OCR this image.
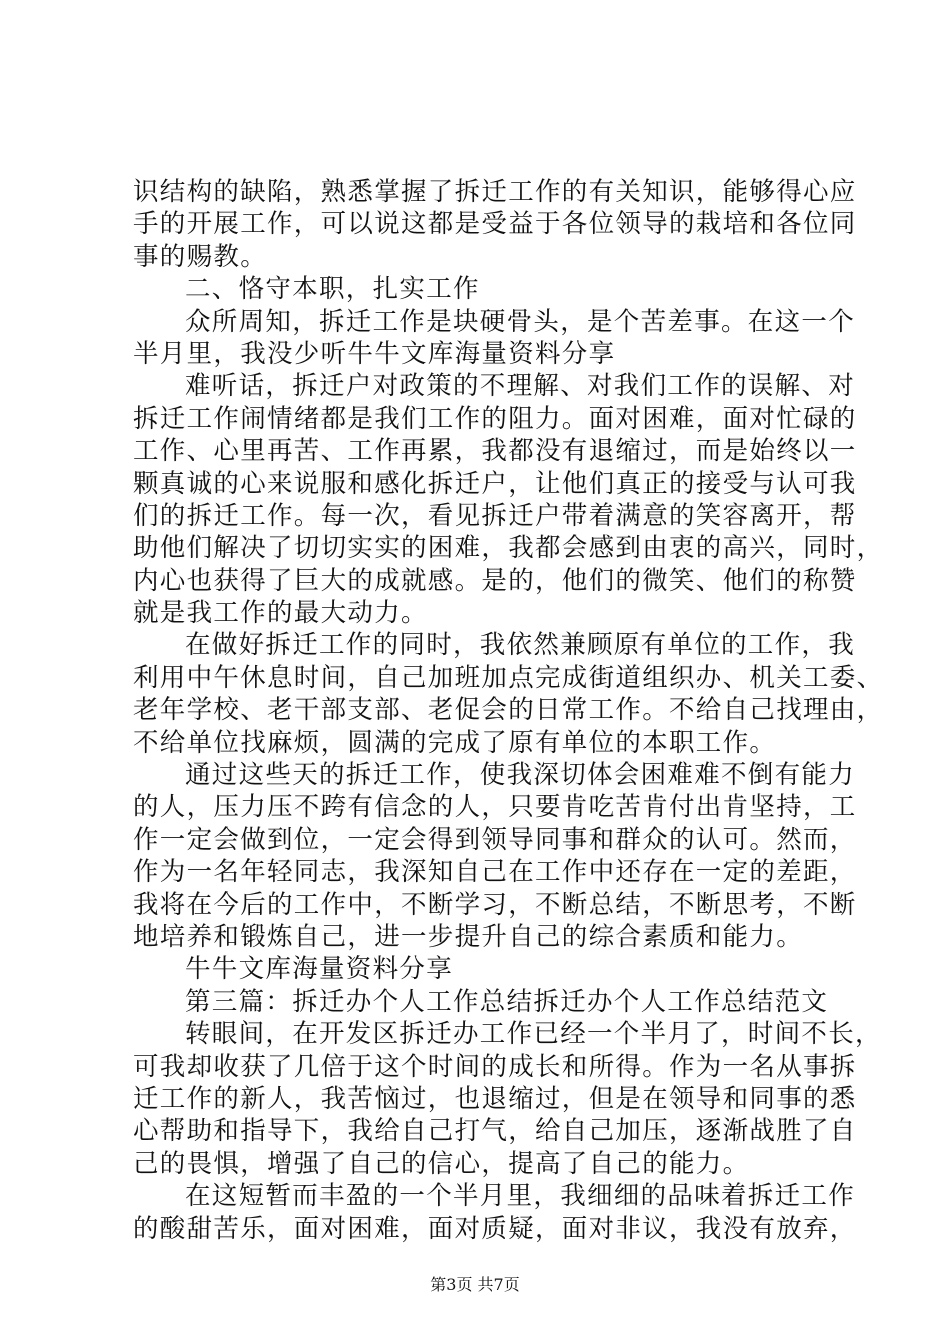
识结构的缺陷，熟悉掌握了拆迁工作的有关知识，能够得心应
手的开展工作，可以说这都是受益于各位领导的栽培和各位同
事的赐教。
二、恪守本职，扎实工作
众所周知，拆迁工作是块硬骨头，是个苦差事。在这一个
半月里，我没少听牛牛文库海量资料分享
难听话，拆迁户对政策的不理解、对我们工作的误解、对
拆迁工作闹情绪都是我们工作的阻力。面对困难，面对忙碌的
工作、心里再苦、工作再累，我都没有退缩过，而是始终以一
颗真诚的心来说服和感化拆迁户，让他们真正的接受与认可我
们的拆迁工作。每一次，看见拆迁户带着满意的笑容离开，帮
助他们解决了切切实实的困难，我都会感到由衷的高兴，同时，
内心也获得了巨大的成就感。是的，他们的微笑、他们的称赞
就是我工作的最大动力。
在做好拆迁工作的同时，我依然兼顾原有单位的工作，我
利用中午休息时间，自己加班加点完成街道组织办、机关工委、
老年学校、老干部支部、老促会的日常工作。不给自己找理由，
不给单位找麻烦，圆满的完成了原有单位的本职工作。
通过这些天的拆迁工作，使我深切体会困难难不倒有能力
的人，压力压不跨有信念的人，只要肯吃苦肯付出肯坚持，工
作一定会做到位，一定会得到领导同事和群众的认可。然而，
作为一名年轻同志，我深知自己在工作中还存在一定的差距，
我将在今后的工作中，不断学习，不断总结，不断思考，不断
地培养和锻炼自己，进一步提升自己的综合素质和能力。
牛牛文库海量资料分享
第三篇：拆迁办个人工作总结拆迁办个人工作总结范文
转眼间，在开发区拆迁办工作已经一个半月了，时间不长，
可我却收获了几倍于这个时间的成长和所得。作为一名从事拆
迁工作的新人，我苦恼过，也退缩过，但是在领导和同事的悉
心帮助和指导下，我给自己打气，给自己加压，逐渐战胜了自
己的畏惧，增强了自己的信心，提高了自己的能力。
在这短暂而丰盈的一个半月里，我细细的品味着拆迁工作
的酸甜苦乐，面对困难，面对质疑，面对非议，我没有放弃，
第3页 共7页
